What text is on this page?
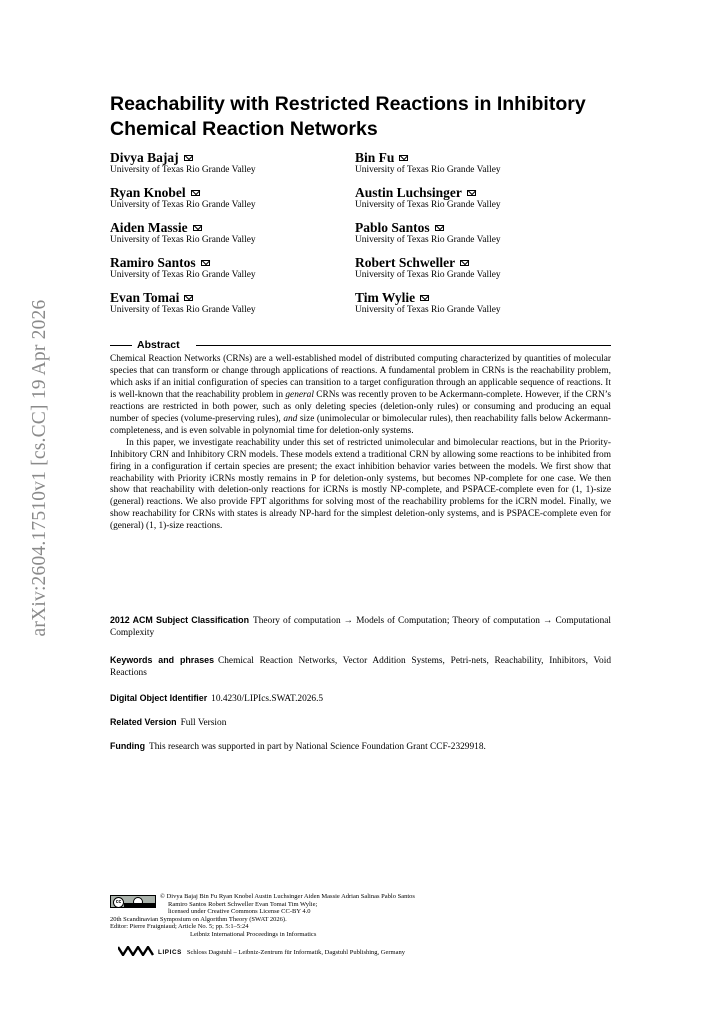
arXiv:2604.17510v1 [cs.CC] 19 Apr 2026
Reachability with Restricted Reactions in Inhibitory Chemical Reaction Networks
Divya Bajaj
University of Texas Rio Grande Valley
Bin Fu
University of Texas Rio Grande Valley
Ryan Knobel
University of Texas Rio Grande Valley
Austin Luchsinger
University of Texas Rio Grande Valley
Aiden Massie
University of Texas Rio Grande Valley
Pablo Santos
University of Texas Rio Grande Valley
Ramiro Santos
University of Texas Rio Grande Valley
Robert Schweller
University of Texas Rio Grande Valley
Evan Tomai
University of Texas Rio Grande Valley
Tim Wylie
University of Texas Rio Grande Valley
Abstract

Chemical Reaction Networks (CRNs) are a well-established model of distributed computing characterized by quantities of molecular species that can transform or change through applications of reactions. A fundamental problem in CRNs is the reachability problem, which asks if an initial configuration of species can transition to a target configuration through an applicable sequence of reactions. It is well-known that the reachability problem in general CRNs was recently proven to be Ackermann-complete. However, if the CRN’s reactions are restricted in both power, such as only deleting species (deletion-only rules) or consuming and producing an equal number of species (volume-preserving rules), and size (unimolecular or bimolecular rules), then reachability falls below Ackermann-completeness, and is even solvable in polynomial time for deletion-only systems.

In this paper, we investigate reachability under this set of restricted unimolecular and bimolecular reactions, but in the Priority-Inhibitory CRN and Inhibitory CRN models. These models extend a traditional CRN by allowing some reactions to be inhibited from firing in a configuration if certain species are present; the exact inhibition behavior varies between the models. We first show that reachability with Priority iCRNs mostly remains in P for deletion-only systems, but becomes NP-complete for one case. We then show that reachability with deletion-only reactions for iCRNs is mostly NP-complete, and PSPACE-complete even for (1, 1)-size (general) reactions. We also provide FPT algorithms for solving most of the reachability problems for the iCRN model. Finally, we show reachability for CRNs with states is already NP-hard for the simplest deletion-only systems, and is PSPACE-complete even for (general) (1, 1)-size reactions.

2012 ACM Subject Classification Theory of computation → Models of Computation; Theory of computation → Computational Complexity
Keywords and phrases Chemical Reaction Networks, Vector Addition Systems, Petri-nets, Reachability, Inhibitors, Void Reactions
Digital Object Identifier 10.4230/LIPIcs.SWAT.2026.5
Related Version Full Version
Funding This research was supported in part by National Science Foundation Grant CCF-2329918.
cc
© Divya Bajaj Bin Fu Ryan Knobel Austin Luchsinger Aiden Massie Adrian Salinas Pablo Santos
Ramiro Santos Robert Schweller Evan Tomai Tim Wylie;
licensed under Creative Commons License CC-BY 4.0
20th Scandinavian Symposium on Algorithm Theory (SWAT 2026).
Editor: Pierre Fraigniaud; Article No. 5; pp. 5:1–5:24
Leibniz International Proceedings in Informatics
LIPICS Schloss Dagstuhl – Leibniz-Zentrum für Informatik, Dagstuhl Publishing, Germany
